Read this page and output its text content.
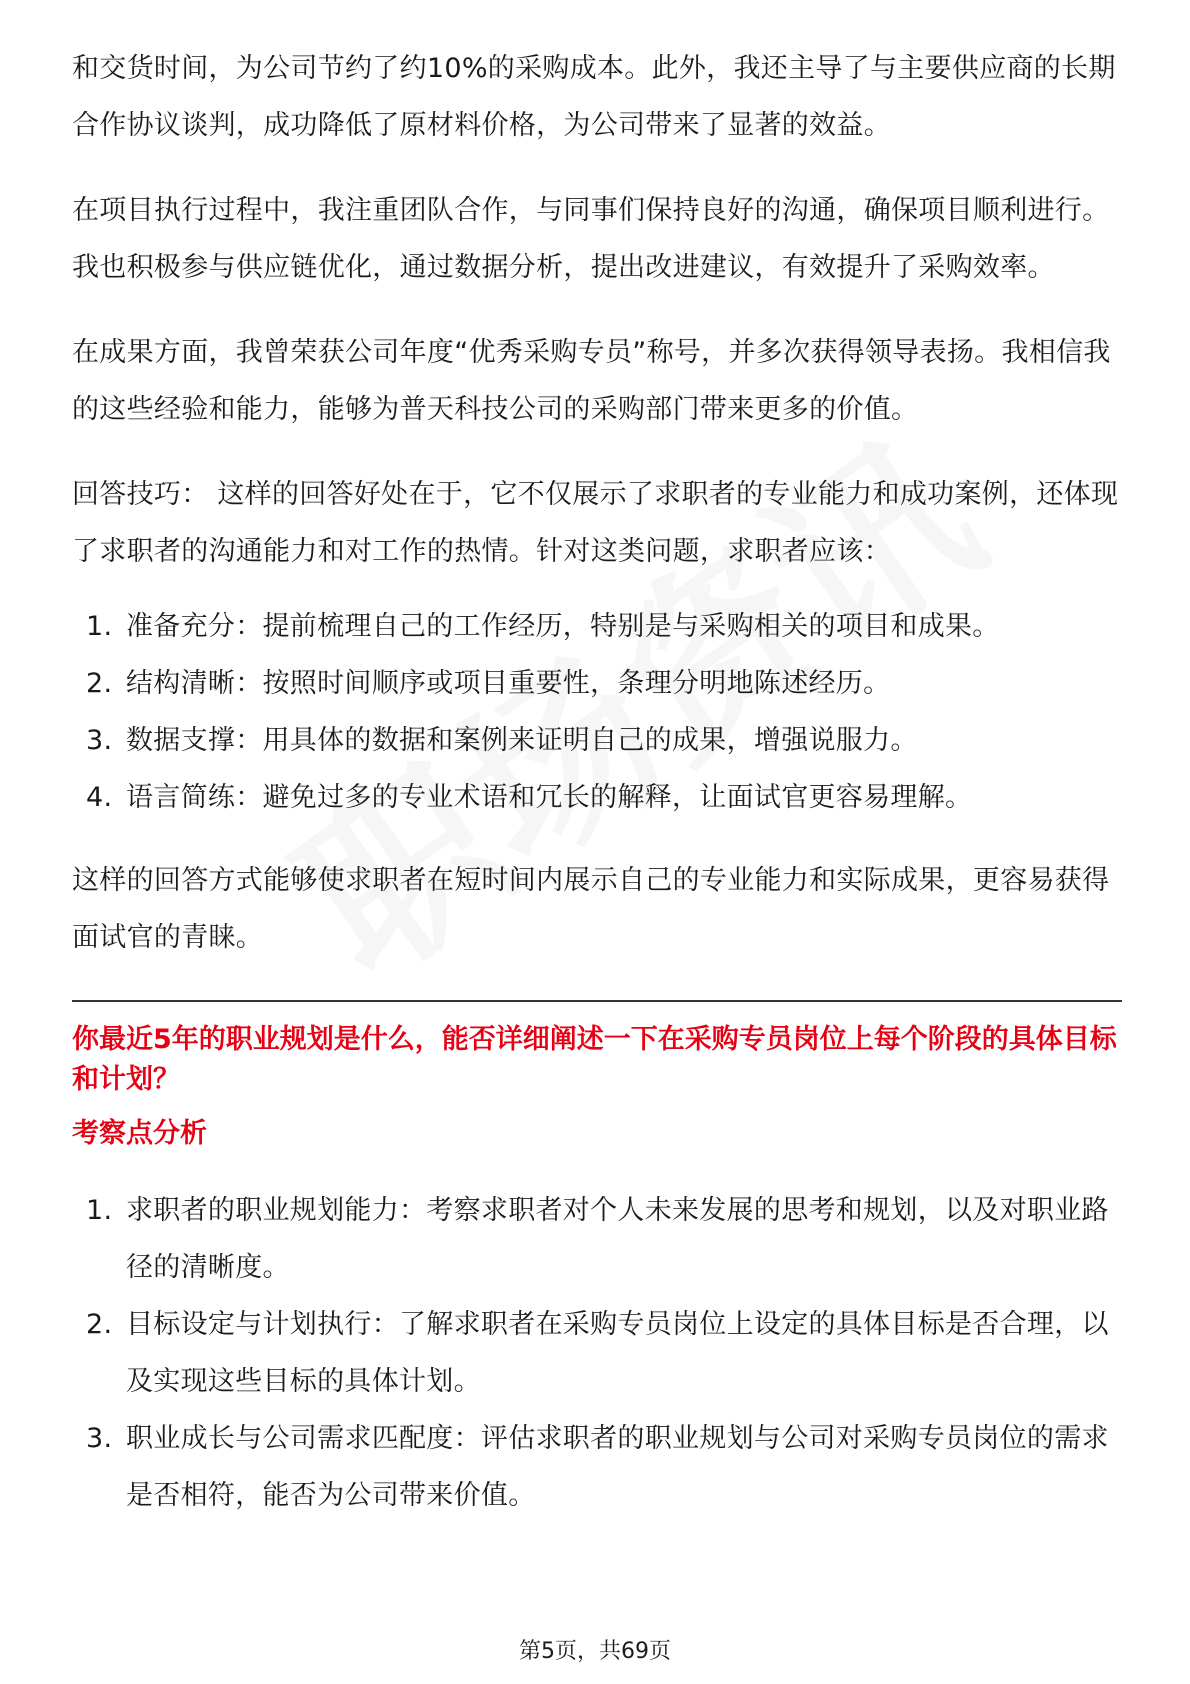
和交货时间，为公司节约了约10%的采购成本。此外，我还主导了与主要供应商的长期合作协议谈判，成功降低了原材料价格，为公司带来了显著的效益。

在项目执行过程中，我注重团队合作，与同事们保持良好的沟通，确保项目顺利进行。我也积极参与供应链优化，通过数据分析，提出改进建议，有效提升了采购效率。

在成果方面，我曾荣获公司年度“优秀采购专员”称号，并多次获得领导表扬。我相信我的这些经验和能力，能够为普天科技公司的采购部门带来更多的价值。

回答技巧： 这样的回答好处在于，它不仅展示了求职者的专业能力和成功案例，还体现了求职者的沟通能力和对工作的热情。针对这类问题，求职者应该：

1. 准备充分：提前梳理自己的工作经历，特别是与采购相关的项目和成果。
2. 结构清晰：按照时间顺序或项目重要性，条理分明地陈述经历。
3. 数据支撑：用具体的数据和案例来证明自己的成果，增强说服力。
4. 语言简练：避免过多的专业术语和冗长的解释，让面试官更容易理解。

这样的回答方式能够使求职者在短时间内展示自己的专业能力和实际成果，更容易获得面试官的青睐。

你最近5年的职业规划是什么，能否详细阐述一下在采购专员岗位上每个阶段的具体目标和计划？
考察点分析
1. 求职者的职业规划能力：考察求职者对个人未来发展的思考和规划，以及对职业路径的清晰度。
2. 目标设定与计划执行：了解求职者在采购专员岗位上设定的具体目标是否合理，以及实现这些目标的具体计划。
3. 职业成长与公司需求匹配度：评估求职者的职业规划与公司对采购专员岗位的需求是否相符，能否为公司带来价值。
第5页，共69页
